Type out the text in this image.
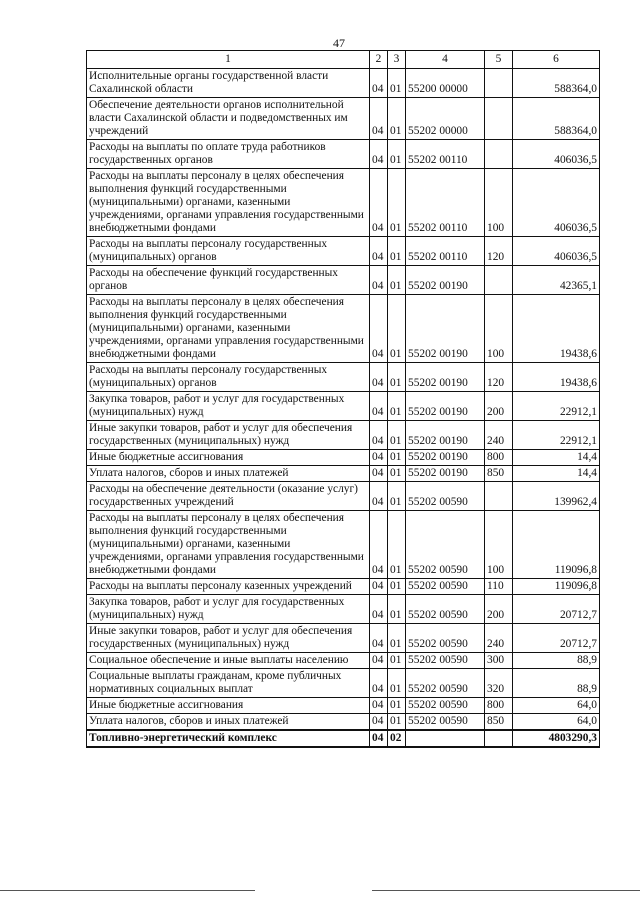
47
1	2	3	4	5	6
Исполнительные органы государственной власти Сахалинской области	04	01	55200 00000		588364,0
Обеспечение деятельности органов исполнительной власти Сахалинской области и подведомственных им учреждений	04	01	55202 00000		588364,0
Расходы на выплаты по оплате труда работников государственных органов	04	01	55202 00110		406036,5
Расходы на выплаты персоналу в целях обеспечения выполнения функций государственными (муниципальными) органами, казенными учреждениями, органами управления государственными внебюджетными фондами	04	01	55202 00110	100	406036,5
Расходы на выплаты персоналу государственных (муниципальных) органов	04	01	55202 00110	120	406036,5
Расходы на обеспечение функций государственных органов	04	01	55202 00190		42365,1
Расходы на выплаты персоналу в целях обеспечения выполнения функций государственными (муниципальными) органами, казенными учреждениями, органами управления государственными внебюджетными фондами	04	01	55202 00190	100	19438,6
Расходы на выплаты персоналу государственных (муниципальных) органов	04	01	55202 00190	120	19438,6
Закупка товаров, работ и услуг для государственных (муниципальных) нужд	04	01	55202 00190	200	22912,1
Иные закупки товаров, работ и услуг для обеспечения государственных (муниципальных) нужд	04	01	55202 00190	240	22912,1
Иные бюджетные ассигнования	04	01	55202 00190	800	14,4
Уплата налогов, сборов и иных платежей	04	01	55202 00190	850	14,4
Расходы на обеспечение деятельности (оказание услуг) государственных учреждений	04	01	55202 00590		139962,4
Расходы на выплаты персоналу в целях обеспечения выполнения функций государственными (муниципальными) органами, казенными учреждениями, органами управления государственными внебюджетными фондами	04	01	55202 00590	100	119096,8
Расходы на выплаты персоналу казенных учреждений	04	01	55202 00590	110	119096,8
Закупка товаров, работ и услуг для государственных (муниципальных) нужд	04	01	55202 00590	200	20712,7
Иные закупки товаров, работ и услуг для обеспечения государственных (муниципальных) нужд	04	01	55202 00590	240	20712,7
Социальное обеспечение и иные выплаты населению	04	01	55202 00590	300	88,9
Социальные выплаты гражданам, кроме публичных нормативных социальных выплат	04	01	55202 00590	320	88,9
Иные бюджетные ассигнования	04	01	55202 00590	800	64,0
Уплата налогов, сборов и иных платежей	04	01	55202 00590	850	64,0
Топливно-энергетический комплекс	04	02			4803290,3
